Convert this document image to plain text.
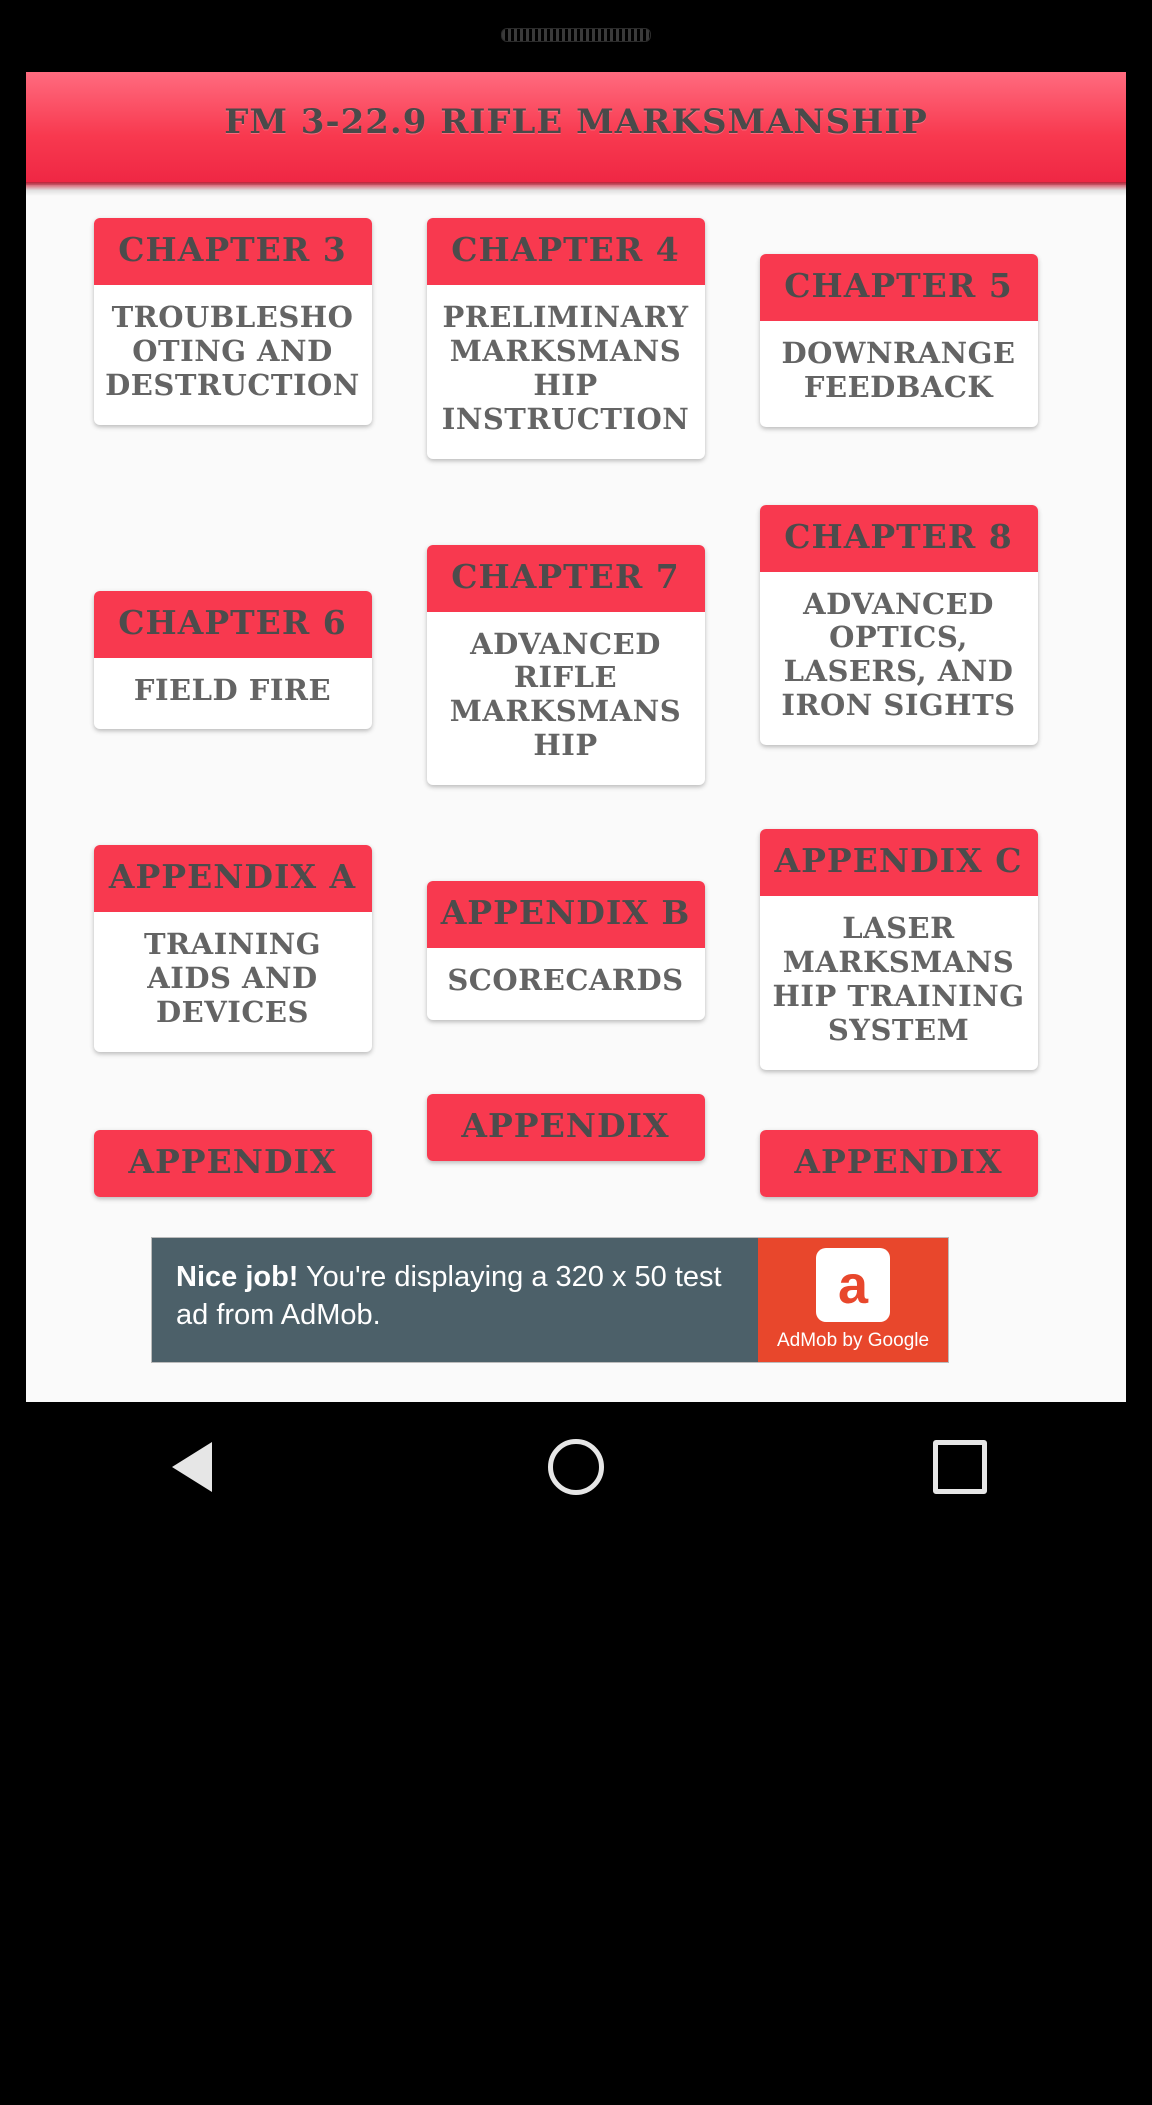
FM 3-22.9 RIFLE MARKSMANSHIP
CHAPTER 3
TROUBLESHOOTING AND DESTRUCTION
CHAPTER 4
PRELIMINARY MARKSMANSHIP INSTRUCTION
CHAPTER 5
DOWNRANGE FEEDBACK
CHAPTER 6
FIELD FIRE
CHAPTER 7
ADVANCED RIFLE MARKSMANSHIP
CHAPTER 8
ADVANCED OPTICS, LASERS, AND IRON SIGHTS
APPENDIX A
TRAINING AIDS AND DEVICES
APPENDIX B
SCORECARDS
APPENDIX C
LASER MARKSMANSHIP TRAINING SYSTEM
APPENDIX
APPENDIX
APPENDIX
Nice job! You're displaying a 320 x 50 test ad from AdMob.
a
AdMob by Google
